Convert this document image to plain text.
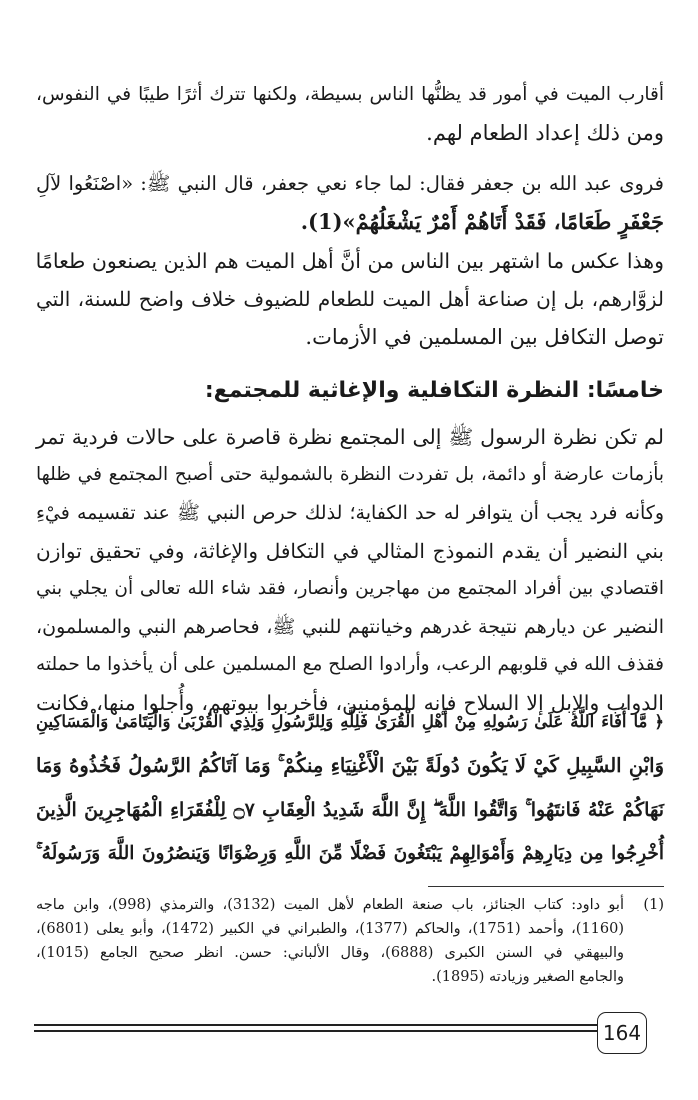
أقارب الميت في أمور قد يظنُّها الناس بسيطة، ولكنها تترك أثرًا طيبًا في النفوس،
ومن ذلك إعداد الطعام لهم.
فروى عبد الله بن جعفر فقال: لما جاء نعي جعفر، قال النبي ﷺ: «اصْنَعُوا لآلِ
جَعْفَرٍ طَعَامًا، فَقَدْ أَتَاهُمْ أَمْرٌ يَشْغَلُهُمْ»(1).
وهذا عكس ما اشتهر بين الناس من أنَّ أهل الميت هم الذين يصنعون طعامًا
لزوَّارهم، بل إن صناعة أهل الميت للطعام للضيوف خلاف واضح للسنة، التي
توصل التكافل بين المسلمين في الأزمات.
خامسًا: النظرة التكافلية والإغاثية للمجتمع:
لم تكن نظرة الرسول ﷺ إلى المجتمع نظرة قاصرة على حالات فردية تمر
بأزمات عارضة أو دائمة، بل تفردت النظرة بالشمولية حتى أصبح المجتمع في ظلها
وكأنه فرد يجب أن يتوافر له حد الكفاية؛ لذلك حرص النبي ﷺ عند تقسيمه فيْءِ
بني النضير أن يقدم النموذج المثالي في التكافل والإغاثة، وفي تحقيق توازن
اقتصادي بين أفراد المجتمع من مهاجرين وأنصار، فقد شاء الله تعالى أن يجلي بني
النضير عن ديارهم نتيجة غدرهم وخيانتهم للنبي ﷺ، فحاصرهم النبي والمسلمون،
فقذف الله في قلوبهم الرعب، وأرادوا الصلح مع المسلمين على أن يأخذوا ما حملته
الدواب والإبل إلا السلاح فإنه للمؤمنين، فأخربوا بيوتهم، وأُجلوا منها، فكانت
﴿ مَّا أَفَاءَ اللَّهُ عَلَىٰ رَسُولِهِ مِنْ أَهْلِ الْقُرَىٰ فَلِلَّهِ وَلِلرَّسُولِ وَلِذِي الْقُرْبَىٰ وَالْيَتَامَىٰ وَالْمَسَاكِينِ
وَابْنِ السَّبِيلِ كَيْ لَا يَكُونَ دُولَةً بَيْنَ الْأَغْنِيَاءِ مِنكُمْ ۚ وَمَا آتَاكُمُ الرَّسُولُ فَخُذُوهُ وَمَا
نَهَاكُمْ عَنْهُ فَانتَهُوا ۚ وَاتَّقُوا اللَّهَ ۖ إِنَّ اللَّهَ شَدِيدُ الْعِقَابِ ۝٧ لِلْفُقَرَاءِ الْمُهَاجِرِينَ الَّذِينَ
أُخْرِجُوا مِن دِيَارِهِمْ وَأَمْوَالِهِمْ يَبْتَغُونَ فَضْلًا مِّنَ اللَّهِ وَرِضْوَانًا وَيَنصُرُونَ اللَّهَ وَرَسُولَهُ ۚ
(1)
أبو داود: كتاب الجنائز، باب صنعة الطعام لأهل الميت (3132)، والترمذي (998)، وابن ماجه
(1160)، وأحمد (1751)، والحاكم (1377)، والطبراني في الكبير (1472)، وأبو يعلى (6801)،
والبيهقي في السنن الكبرى (6888)، وقال الألباني: حسن. انظر صحيح الجامع (1015)،
والجامع الصغير وزيادته (1895).
164
